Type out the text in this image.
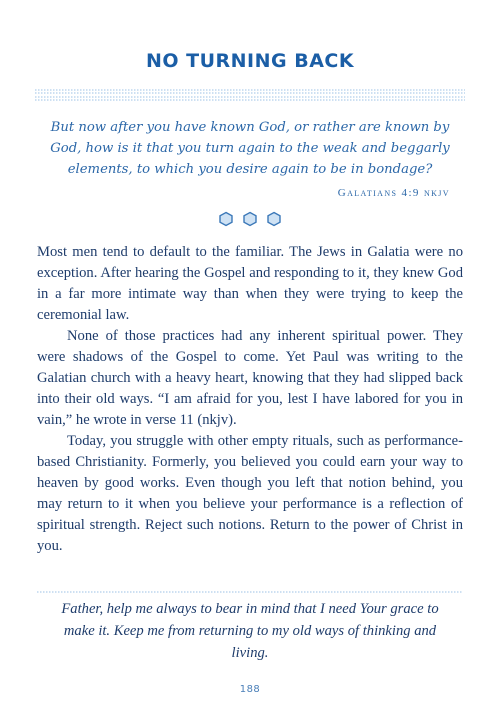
NO TURNING BACK
But now after you have known God, or rather are known by God, how is it that you turn again to the weak and beggarly elements, to which you desire again to be in bondage?
Galatians 4:9 nkjv

Most men tend to default to the familiar. The Jews in Galatia were no exception. After hearing the Gospel and responding to it, they knew God in a far more intimate way than when they were trying to keep the ceremonial law.

None of those practices had any inherent spiritual power. They were shadows of the Gospel to come. Yet Paul was writing to the Galatian church with a heavy heart, knowing that they had slipped back into their old ways. “I am afraid for you, lest I have labored for you in vain,” he wrote in verse 11 (nkjv).

Today, you struggle with other empty rituals, such as performance-based Christianity. Formerly, you believed you could earn your way to heaven by good works. Even though you left that notion behind, you may return to it when you believe your performance is a reflection of spiritual strength. Reject such notions. Return to the power of Christ in you.

Father, help me always to bear in mind that I need Your grace to make it. Keep me from returning to my old ways of thinking and living.
188
